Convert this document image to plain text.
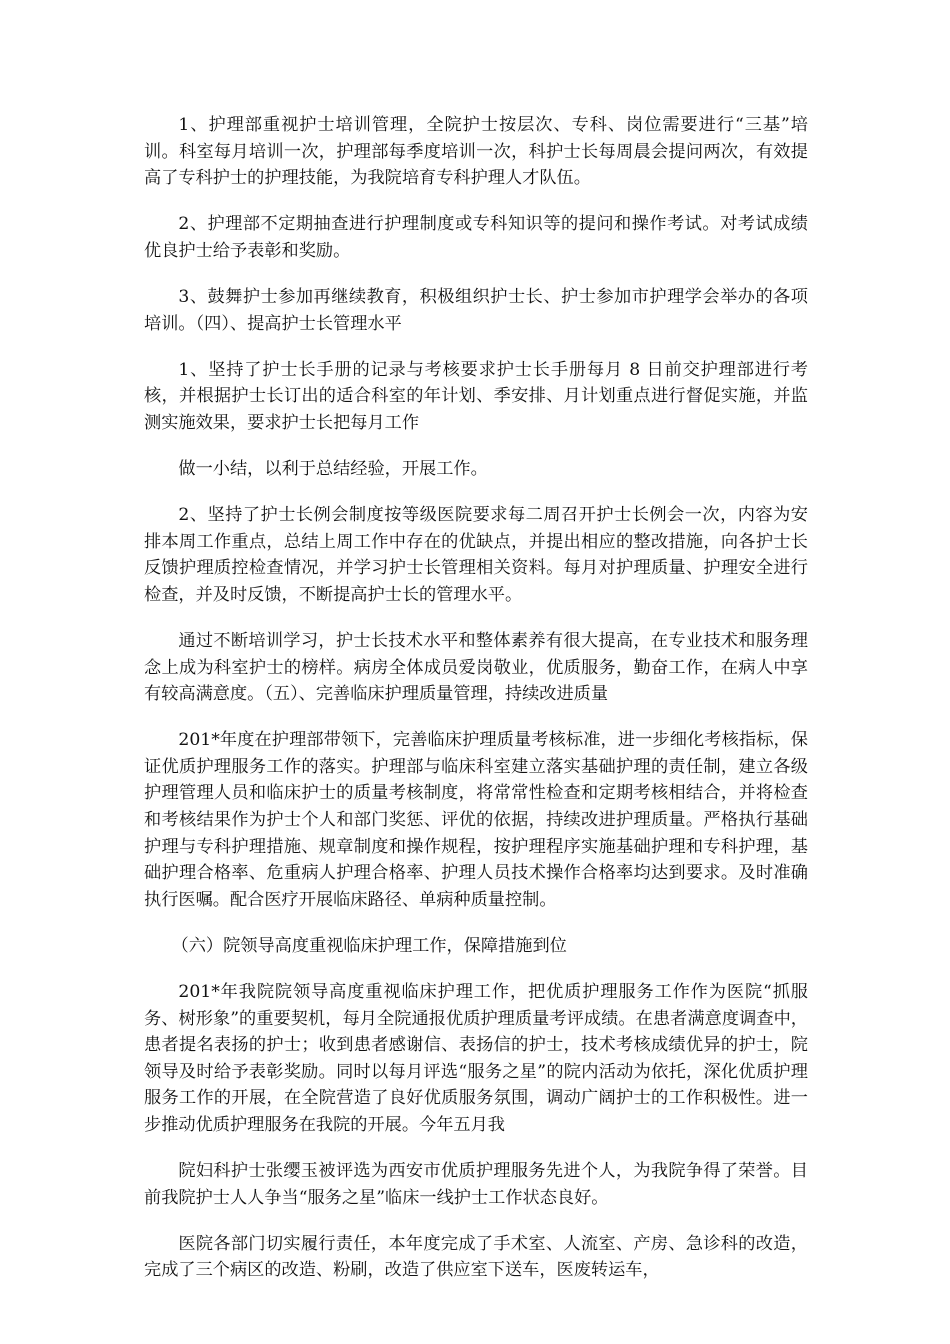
1、护理部重视护士培训管理，全院护士按层次、专科、岗位需要进行“三基”培训。科室每月培训一次，护理部每季度培训一次，科护士长每周晨会提问两次，有效提高了专科护士的护理技能，为我院培育专科护理人才队伍。

2、护理部不定期抽查进行护理制度或专科知识等的提问和操作考试。对考试成绩优良护士给予表彰和奖励。

3、鼓舞护士参加再继续教育，积极组织护士长、护士参加市护理学会举办的各项培训。（四）、提高护士长管理水平

1、坚持了护士长手册的记录与考核要求护士长手册每月 8 日前交护理部进行考核，并根据护士长订出的适合科室的年计划、季安排、月计划重点进行督促实施，并监测实施效果，要求护士长把每月工作

做一小结，以利于总结经验，开展工作。

2、坚持了护士长例会制度按等级医院要求每二周召开护士长例会一次，内容为安排本周工作重点，总结上周工作中存在的优缺点，并提出相应的整改措施，向各护士长反馈护理质控检查情况，并学习护士长管理相关资料。每月对护理质量、护理安全进行检查，并及时反馈，不断提高护士长的管理水平。

通过不断培训学习，护士长技术水平和整体素养有很大提高，在专业技术和服务理念上成为科室护士的榜样。病房全体成员爱岗敬业，优质服务，勤奋工作，在病人中享有较高满意度。（五）、完善临床护理质量管理，持续改进质量

201*年度在护理部带领下，完善临床护理质量考核标准，进一步细化考核指标，保证优质护理服务工作的落实。护理部与临床科室建立落实基础护理的责任制，建立各级护理管理人员和临床护士的质量考核制度，将常常性检查和定期考核相结合，并将检查和考核结果作为护士个人和部门奖惩、评优的依据，持续改进护理质量。严格执行基础护理与专科护理措施、规章制度和操作规程，按护理程序实施基础护理和专科护理，基础护理合格率、危重病人护理合格率、护理人员技术操作合格率均达到要求。及时准确执行医嘱。配合医疗开展临床路径、单病种质量控制。

（六）院领导高度重视临床护理工作，保障措施到位

201*年我院院领导高度重视临床护理工作，把优质护理服务工作作为医院“抓服务、树形象”的重要契机，每月全院通报优质护理质量考评成绩。在患者满意度调查中，患者提名表扬的护士；收到患者感谢信、表扬信的护士，技术考核成绩优异的护士，院领导及时给予表彰奖励。同时以每月评选“服务之星”的院内活动为依托，深化优质护理服务工作的开展，在全院营造了良好优质服务氛围，调动广阔护士的工作积极性。进一步推动优质护理服务在我院的开展。今年五月我

院妇科护士张缨玉被评选为西安市优质护理服务先进个人，为我院争得了荣誉。目前我院护士人人争当“服务之星”临床一线护士工作状态良好。

医院各部门切实履行责任，本年度完成了手术室、人流室、产房、急诊科的改造，完成了三个病区的改造、粉刷，改造了供应室下送车，医废转运车，
